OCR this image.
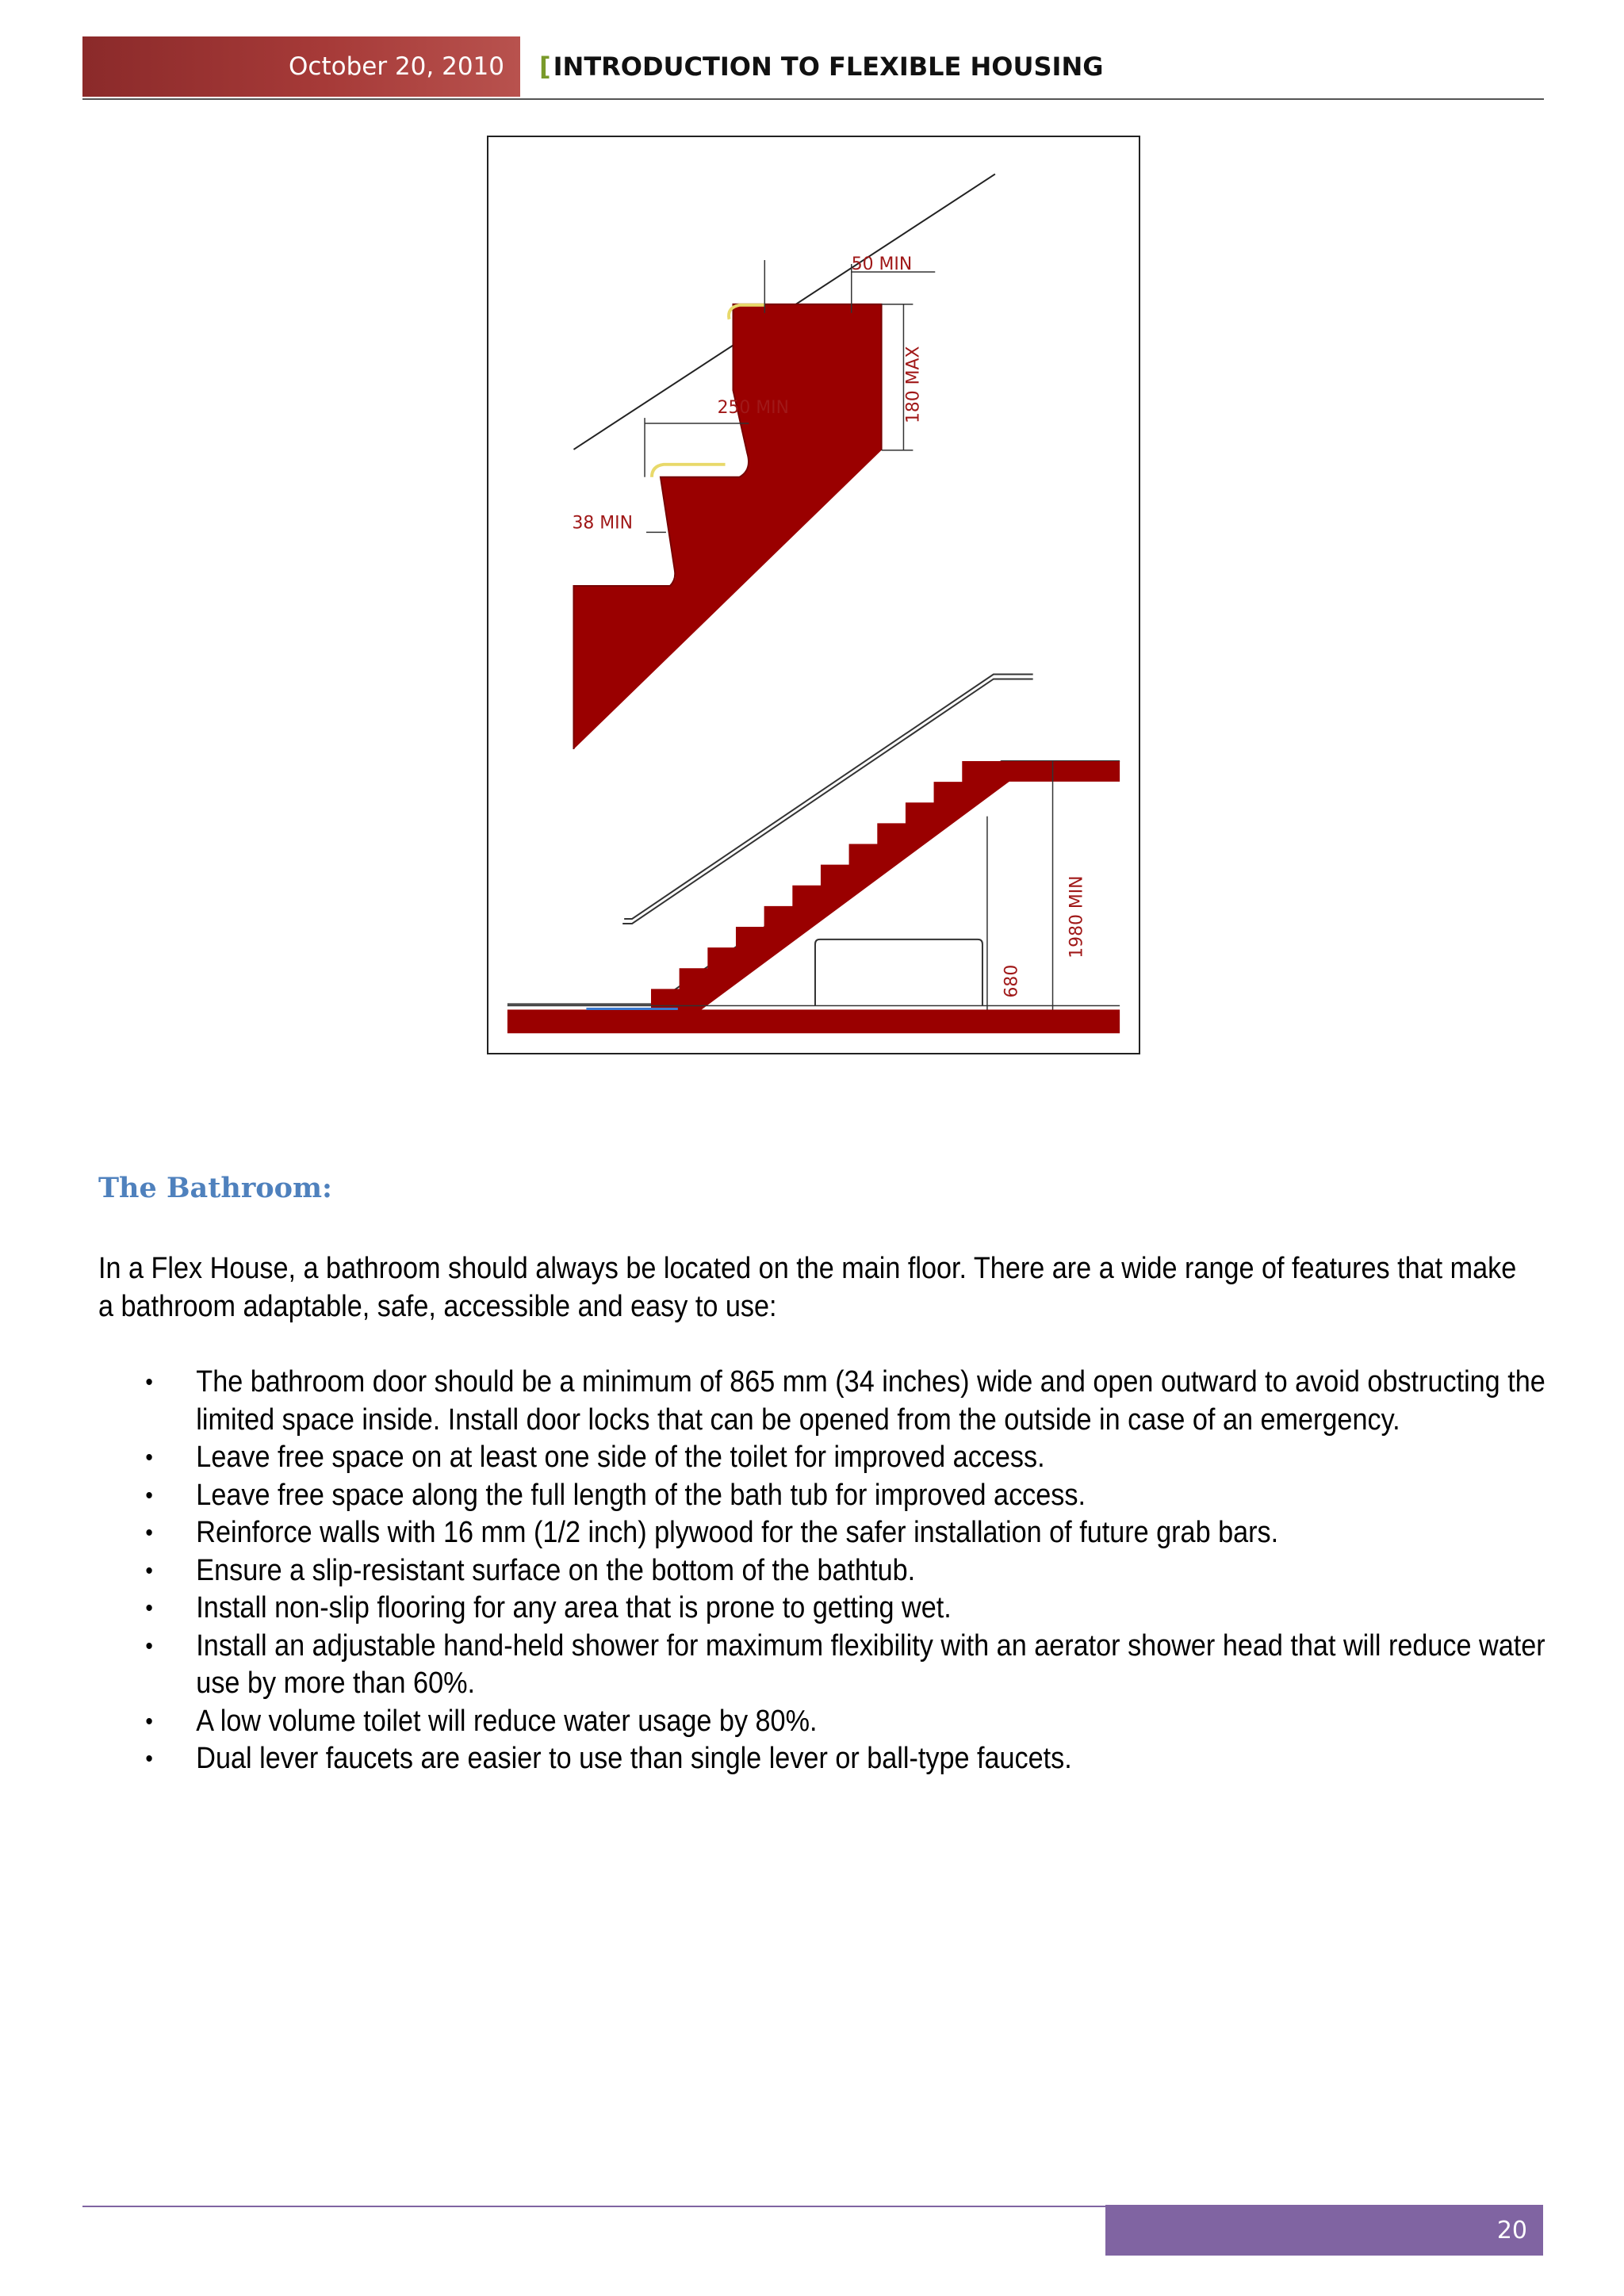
October 20, 2010	[ INTRODUCTION TO FLEXIBLE HOUSING
50 MIN
250 MIN	180 MAX
38 MIN
680
1980 MIN
The Bathroom:
In a Flex House, a bathroom should always be located on the main floor. There are a wide range of features that make a bathroom adaptable, safe, accessible and easy to use:
• The bathroom door should be a minimum of 865 mm (34 inches) wide and open outward to avoid obstructing the limited space inside. Install door locks that can be opened from the outside in case of an emergency.
• Leave free space on at least one side of the toilet for improved access.
• Leave free space along the full length of the bath tub for improved access.
• Reinforce walls with 16 mm (1/2 inch) plywood for the safer installation of future grab bars.
• Ensure a slip-resistant surface on the bottom of the bathtub.
• Install non-slip flooring for any area that is prone to getting wet.
• Install an adjustable hand-held shower for maximum flexibility with an aerator shower head that will reduce water use by more than 60%.
• A low volume toilet will reduce water usage by 80%.
• Dual lever faucets are easier to use than single lever or ball-type faucets.
20
